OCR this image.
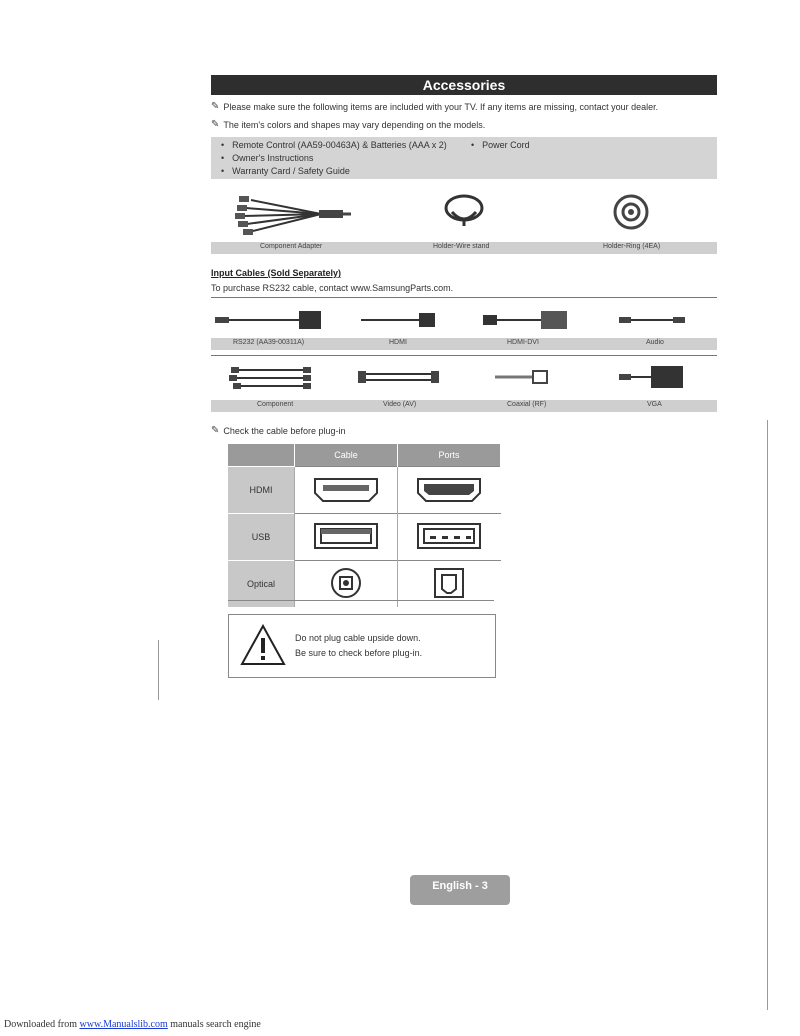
Accessories
✎ Please make sure the following items are included with your TV. If any items are missing, contact your dealer.
✎ The item's colors and shapes may vary depending on the models.
• Remote Control (AA59-00463A) & Batteries (AAA x 2)
• Owner's Instructions
• Warranty Card / Safety Guide
• Power Cord
Component Adapter	Holder-Wire stand	Holder-Ring (4EA)
Input Cables (Sold Separately)
To purchase RS232 cable, contact www.SamsungParts.com.
RS232 (AA39-00311A)	HDMI	HDMI-DVI	Audio
Component	Video (AV)	Coaxial (RF)	VGA
✎ Check the cable before plug-in
	Cable	Ports
HDMI		
USB		
Optical		
Do not plug cable upside down.
Be sure to check before plug-in.
English - 3
Downloaded from www.Manualslib.com manuals search engine
